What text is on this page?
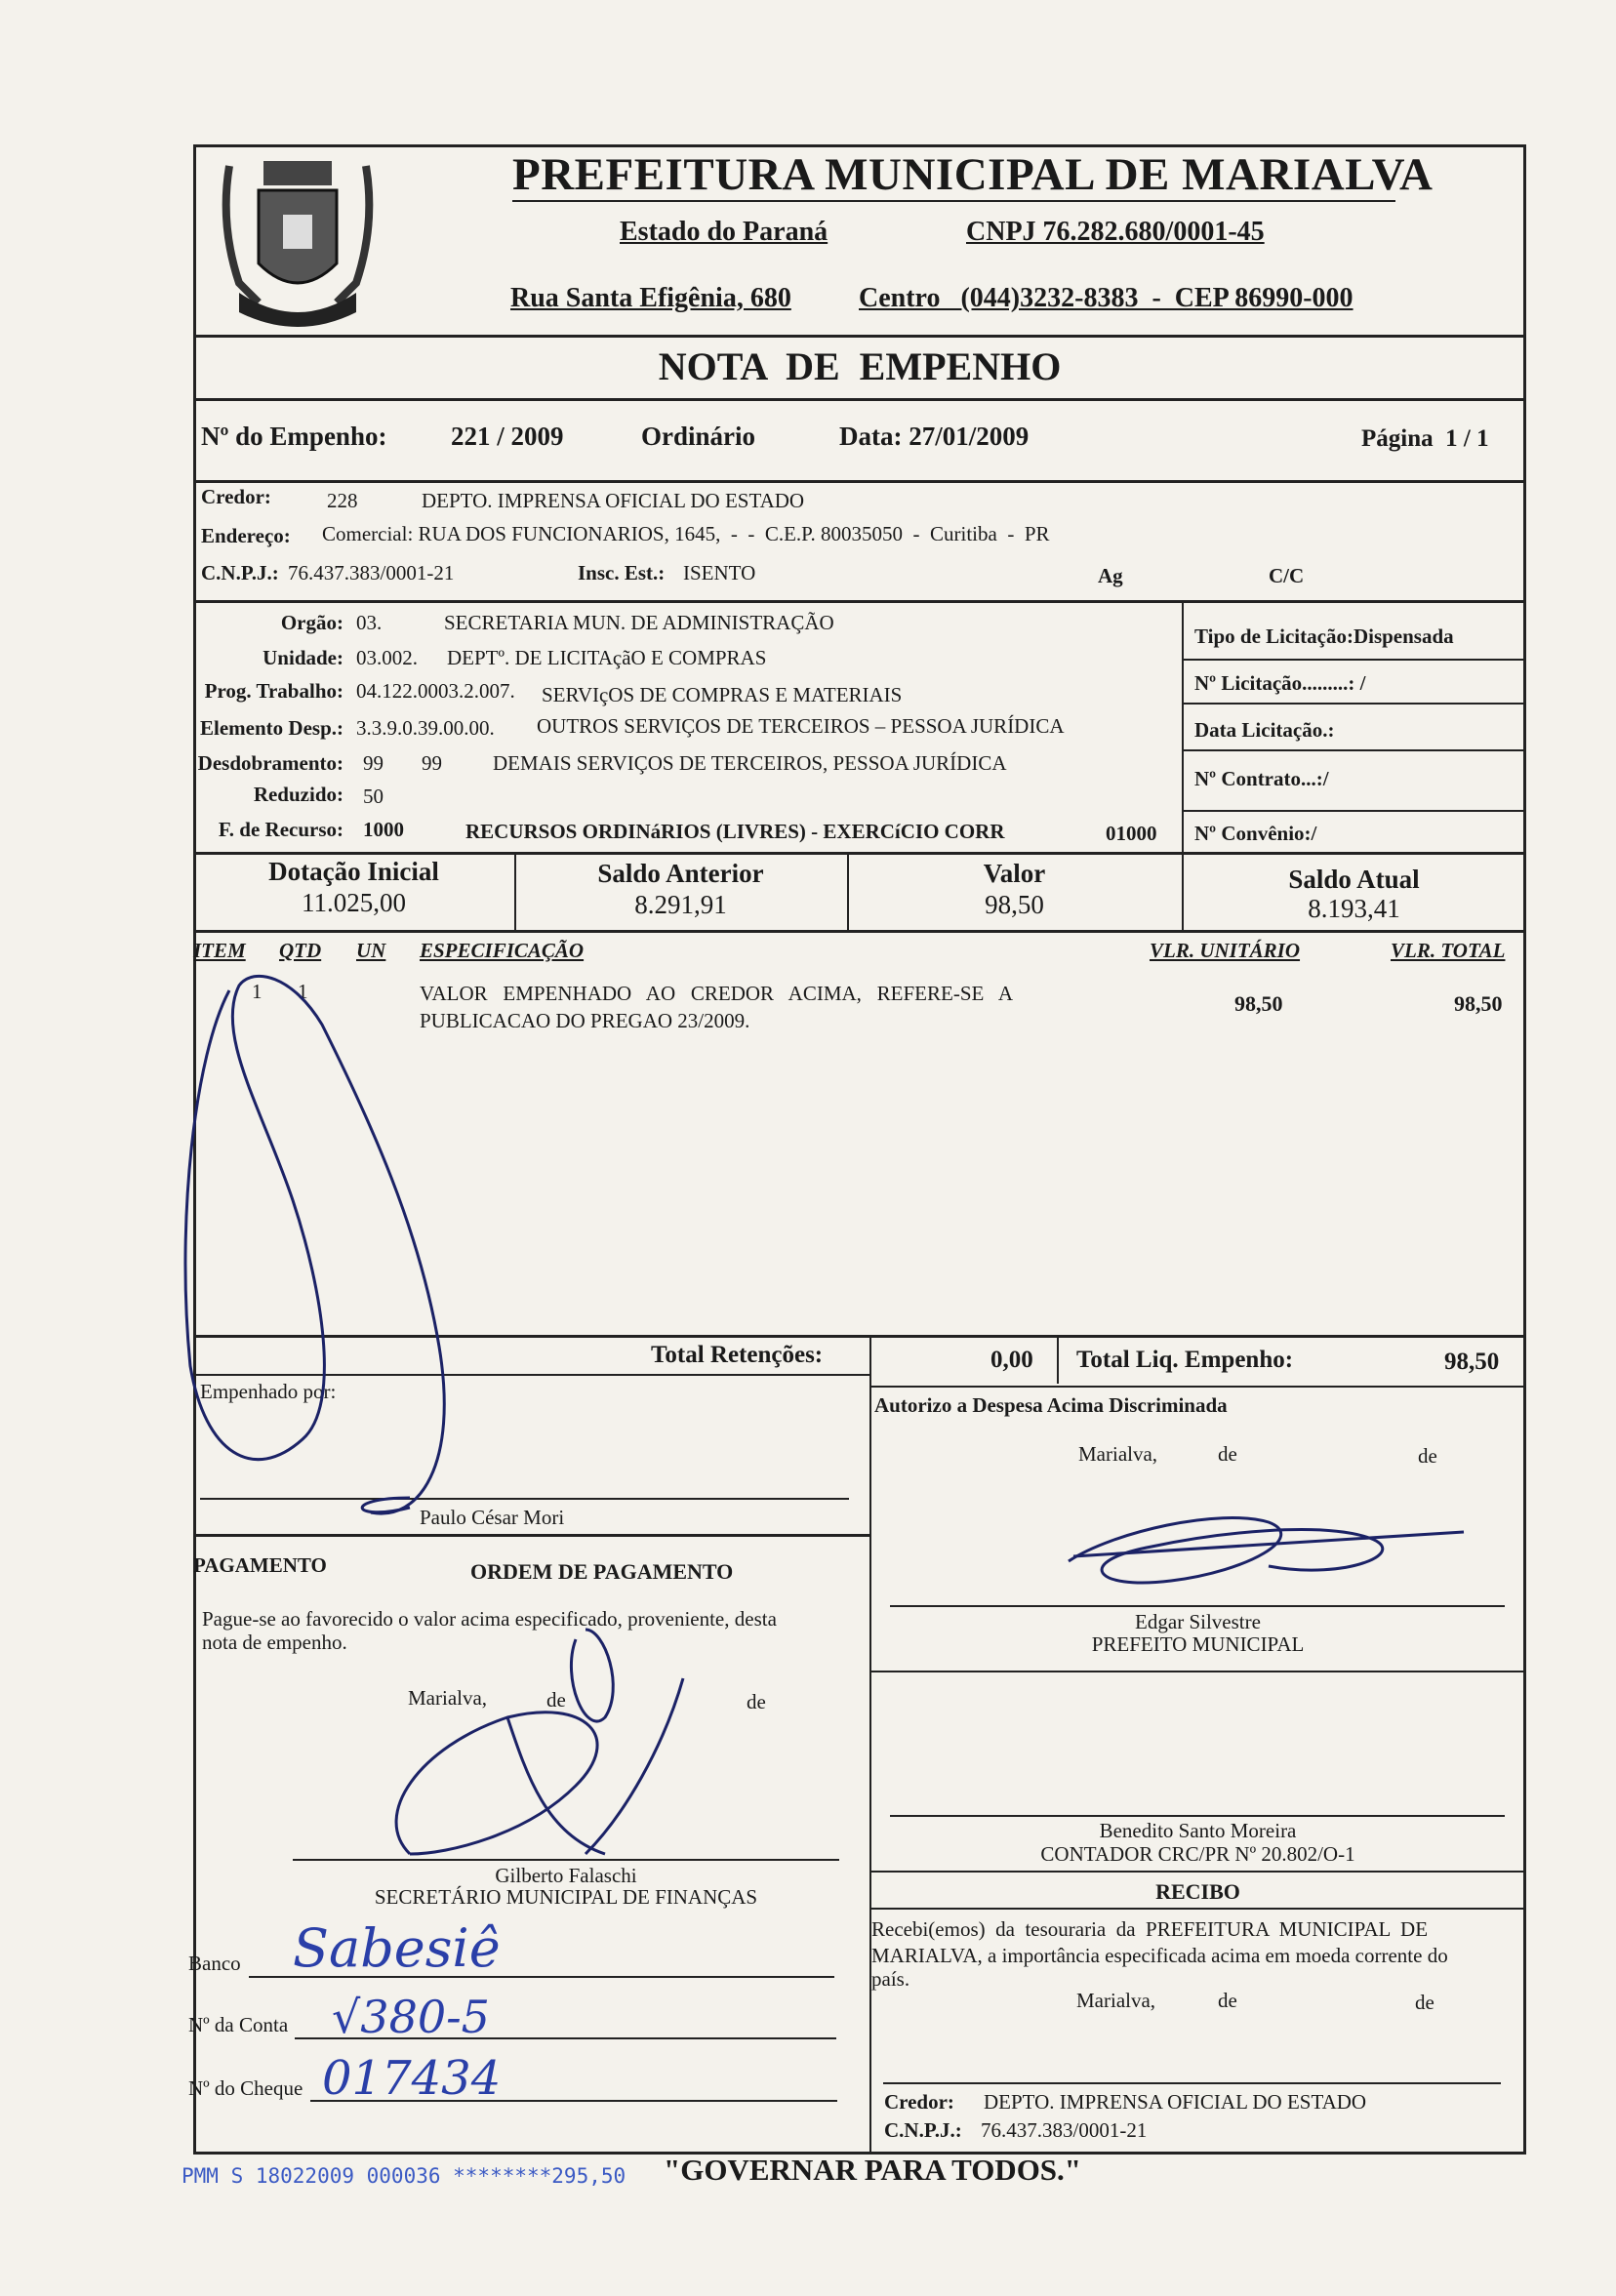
PREFEITURA MUNICIPAL DE MARIALVA
Estado do Paraná	CNPJ 76.282.680/0001-45
Rua Santa Efigênia, 680 Centro   (044)3232-8383  -  CEP 86990-000
NOTA  DE  EMPENHO
Nº do Empenho: 221 / 2009	Ordinário	Data: 27/01/2009	Página  1 / 1
Credor:	228	DEPTO. IMPRENSA OFICIAL DO ESTADO
Endereço: Comercial: RUA DOS FUNCIONARIOS, 1645,  -  -  C.E.P. 80035050  -  Curitiba  -  PR
C.N.P.J.: 76.437.383/0001-21	Insc. Est.: ISENTO	Ag	C/C
Orgão: 03.	SECRETARIA MUN. DE ADMINISTRAÇÃO
Unidade: 03.002. DEPTº. DE LICITAçãO E COMPRAS
Prog. Trabalho: 04.122.0003.2.007. SERVIçOS DE COMPRAS E MATERIAIS
Elemento Desp.: 3.3.9.0.39.00.00. OUTROS SERVIÇOS DE TERCEIROS – PESSOA JURÍDICA
Desdobramento: 99 99 DEMAIS SERVIÇOS DE TERCEIROS, PESSOA JURÍDICA
Reduzido: 50
F. de Recurso: 1000	RECURSOS ORDINáRIOS (LIVRES) - EXERCíCIO CORR	01000
Tipo de Licitação:Dispensada
Nº Licitação.........: /
Data Licitação.:
Nº Contrato...:/
Nº Convênio:/
Dotação Inicial
11.025,00
Saldo Anterior
8.291,91
Valor
98,50
Saldo Atual
8.193,41
ITEM QTD UN ESPECIFICAÇÃO	VLR. UNITÁRIO	VLR. TOTAL
1 1	VALOR   EMPENHADO   AO   CREDOR   ACIMA,   REFERE-SE   A
PUBLICACAO DO PREGAO 23/2009.
98,50	98,50
Total Retenções:	0,00 Total Liq. Empenho:	98,50
Empenhado por:
Paulo César Mori
Autorizo a Despesa Acima Discriminada
Marialva,	de	de
Edgar Silvestre
PREFEITO MUNICIPAL
Benedito Santo Moreira
CONTADOR CRC/PR Nº 20.802/O-1
RECIBO
Recebi(emos)  da  tesouraria  da  PREFEITURA  MUNICIPAL  DE
MARIALVA, a importância especificada acima em moeda corrente do
país.
Marialva,	de	de
Credor: DEPTO. IMPRENSA OFICIAL DO ESTADO
C.N.P.J.: 76.437.383/0001-21
PAGAMENTO	ORDEM DE PAGAMENTO
Pague-se ao favorecido o valor acima especificado, proveniente, desta
nota de empenho.
Marialva,	de	de
Gilberto Falaschi
SECRETÁRIO MUNICIPAL DE FINANÇAS
Banco Sabesiê
Nº da Conta √380-5
Nº do Cheque 017434
PMM S 18022009 000036 ********295,50 "GOVERNAR PARA TODOS."
